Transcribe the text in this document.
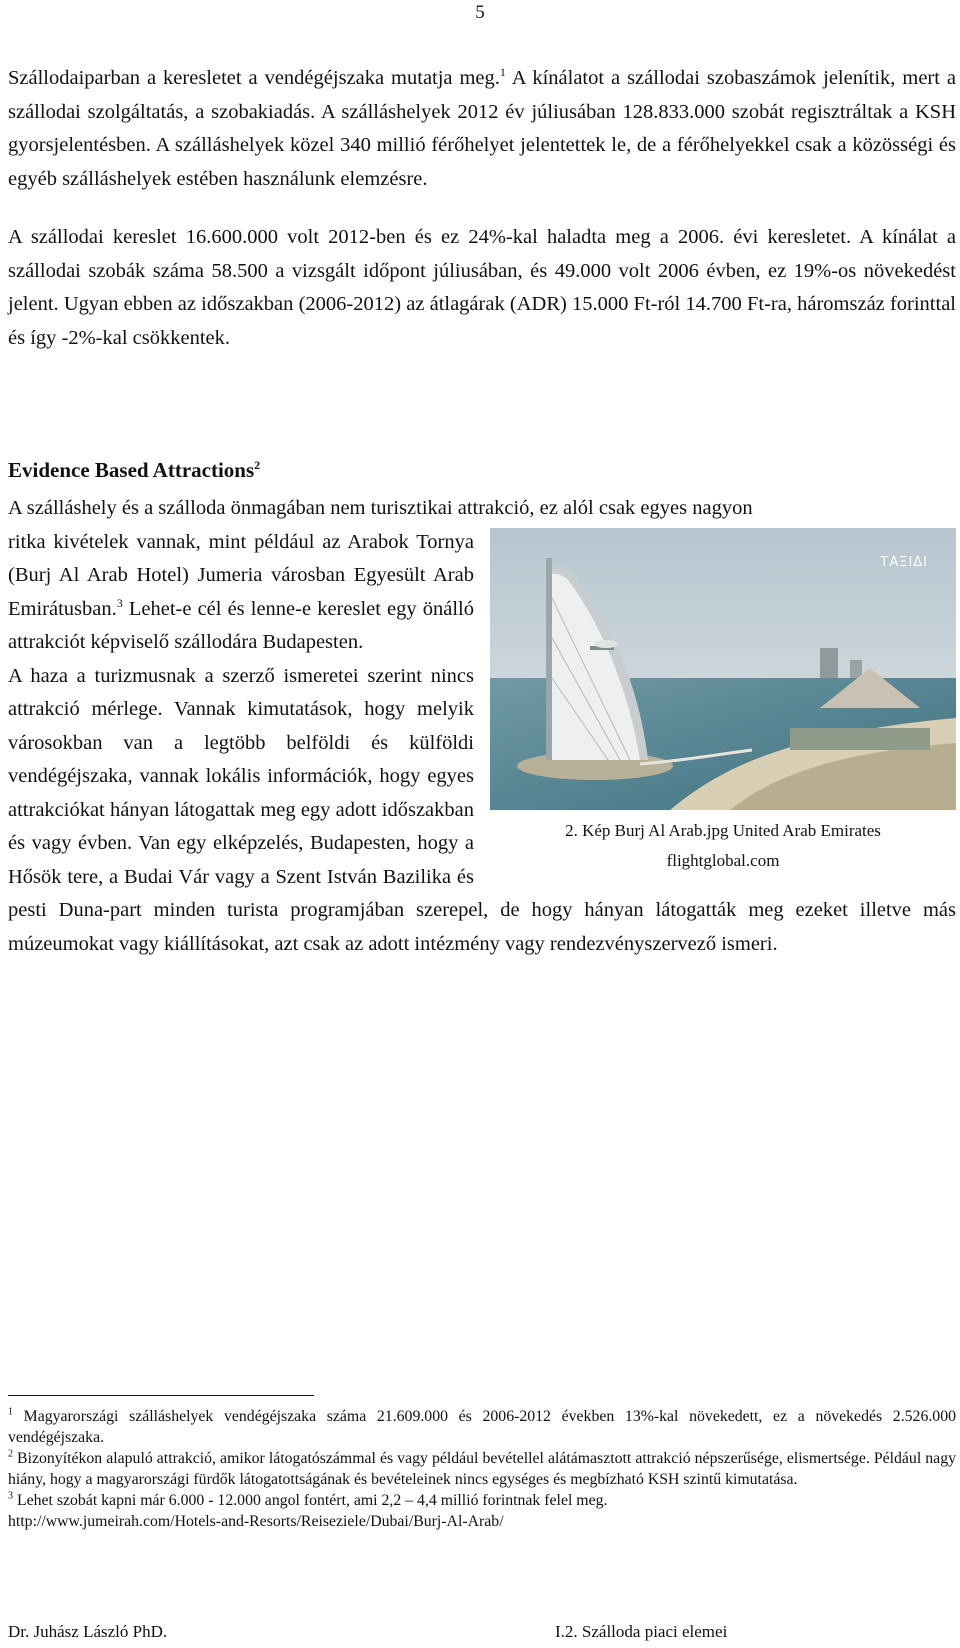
5

Szállodaiparban a keresletet a vendégéjszaka mutatja meg.$^1$ A kínálatot a szállodai szobaszámok jelenítik, mert a szállodai szolgáltatás, a szobakiadás. A szálláshelyek 2012 év júliusában 128.833.000 szobát regisztráltak a KSH gyorsjelentésben. A szálláshelyek közel 340 millió férőhelyet jelentettek le, de a férőhelyekkel csak a közösségi és egyéb szálláshelyek estében használunk elemzésre.

A szállodai kereslet 16.600.000 volt 2012-ben és ez 24%-kal haladta meg a 2006. évi keresletet. A kínálat a szállodai szobák száma 58.500 a vizsgált időpont júliusában, és 49.000 volt 2006 évben, ez 19%-os növekedést jelent. Ugyan ebben az időszakban (2006-2012) az átlagárak (ADR) 15.000 Ft-ról 14.700 Ft-ra, háromszáz forinttal és így -2%-kal csökkentek.

Evidence Based Attractions$^2$

A szálláshely és a szálloda önmagában nem turisztikai attrakció, ez alól csak egyes nagyon

ΤΑΞΙΔΙ

2. Kép Burj Al Arab.jpg United Arab Emirates
flightglobal.com

ritka kivételek vannak, mint például az Arabok Tornya (Burj Al Arab Hotel) Jumeria városban Egyesült Arab Emirátusban.$^3$ Lehet-e cél és lenne-e kereslet egy önálló attrakciót képviselő szállodára Budapesten.

A haza a turizmusnak a szerző ismeretei szerint nincs attrakció mérlege. Vannak kimutatások, hogy melyik városokban van a legtöbb belföldi és külföldi vendégéjszaka, vannak lokális információk, hogy egyes attrakciókat hányan látogattak meg egy adott időszakban és vagy évben. Van egy elképzelés, Budapesten, hogy a Hősök tere, a Budai Vár vagy a Szent István Bazilika és pesti Duna-part minden turista programjában szerepel, de hogy hányan látogatták meg ezeket illetve más múzeumokat vagy kiállításokat, azt csak az adott intézmény vagy rendezvényszervező ismeri.

$^1$ Magyarországi szálláshelyek vendégéjszaka száma 21.609.000 és 2006-2012 években 13%-kal növekedett, ez a növekedés 2.526.000 vendégéjszaka.

$^2$ Bizonyítékon alapuló attrakció, amikor látogatószámmal és vagy például bevétellel alátámasztott attrakció népszerűsége, elismertsége. Például nagy hiány, hogy a magyarországi fürdők látogatottságának és bevételeinek nincs egységes és megbízható KSH szintű kimutatása.

$^3$ Lehet szobát kapni már 6.000 - 12.000 angol fontért, ami 2,2 – 4,4 millió forintnak felel meg.

http://www.jumeirah.com/Hotels-and-Resorts/Reiseziele/Dubai/Burj-Al-Arab/

Dr. Juhász László PhD.	I.2. Szálloda piaci elemei
